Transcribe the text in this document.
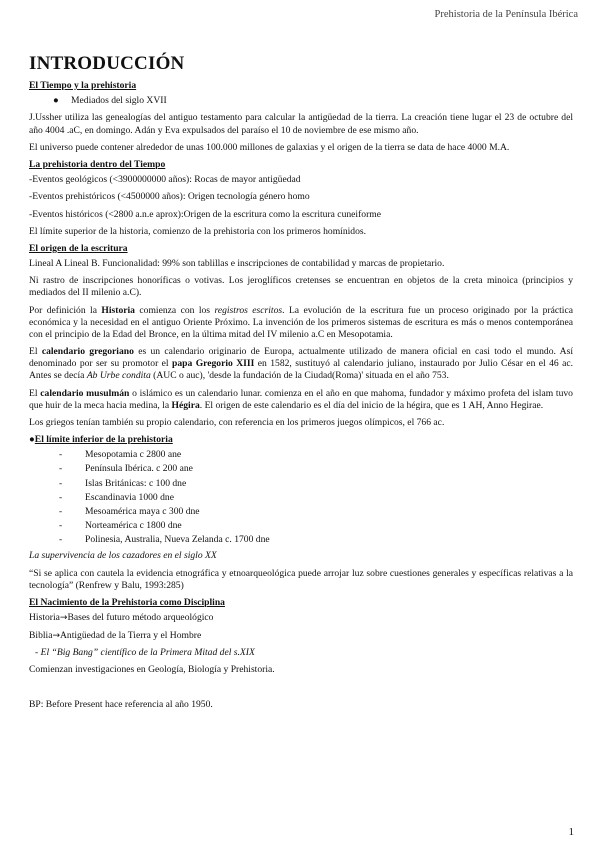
Prehistoria de la Península Ibérica
INTRODUCCIÓN
El Tiempo y la prehistoria
● Mediados del siglo XVII

J.Ussher utiliza las genealogías del antiguo testamento para calcular la antigüedad de la tierra. La creación tiene lugar el 23 de octubre del año 4004 .aC, en domingo. Adán y Eva expulsados del paraíso el 10 de noviembre de ese mismo año.

El universo puede contener alrededor de unas 100.000 millones de galaxias y el origen de la tierra se data de hace 4000 M.A.

La prehistoria dentro del Tiempo

-Eventos geológicos (<3900000000 años): Rocas de mayor antigüedad

-Eventos prehistóricos (<4500000 años): Origen tecnología género homo

-Eventos históricos (<2800 a.n.e aprox):Origen de la escritura como la escritura cuneiforme

El límite superior de la historia, comienzo de la prehistoria con los primeros homínidos.

El origen de la escritura

Lineal A Lineal B. Funcionalidad: 99% son tablillas e inscripciones de contabilidad y marcas de propietario.

Ni rastro de inscripciones honoríficas o votivas. Los jeroglíficos cretenses se encuentran en objetos de la creta minoica (principios y mediados del II milenio a.C).

Por definición la Historia comienza con los registros escritos. La evolución de la escritura fue un proceso originado por la práctica económica y la necesidad en el antiguo Oriente Próximo. La invención de los primeros sistemas de escritura es más o menos contemporánea con el principio de la Edad del Bronce, en la última mitad del IV milenio a.C en Mesopotamia.

El calendario gregoriano es un calendario originario de Europa, actualmente utilizado de manera oficial en casi todo el mundo. Así denominado por ser su promotor el papa Gregorio XIII en 1582, sustituyó al calendario juliano, instaurado por Julio César en el 46 ac. Antes se decía Ab Urbe condita (AUC o auc), 'desde la fundación de la Ciudad(Roma)' situada en el año 753.

El calendario musulmán o islámico es un calendario lunar. comienza en el año en que mahoma, fundador y máximo profeta del islam tuvo que huir de la meca hacia medina, la Hégira. El origen de este calendario es el día del inicio de la hégira, que es 1 AH, Anno Hegirae.

Los griegos tenían también su propio calendario, con referencia en los primeros juegos olímpicos, el 766 ac.

●El límite inferior de la prehistoria
- Mesopotamia c 2800 ane
- Península Ibérica. c 200 ane
- Islas Británicas: c 100 dne
- Escandinavia 1000 dne
- Mesoamérica maya c 300 dne
- Norteamérica c 1800 dne
- Polinesia, Australia, Nueva Zelanda c. 1700 dne

La supervivencia de los cazadores en el siglo XX

“Si se aplica con cautela la evidencia etnográfica y etnoarqueológica puede arrojar luz sobre cuestiones generales y específicas relativas a la tecnología” (Renfrew y Balu, 1993:285)

El Nacimiento de la Prehistoria como Disciplina

Historia→Bases del futuro método arqueológico

Biblia→Antigüedad de la Tierra y el Hombre

- El “Big Bang” científico de la Primera Mitad del s.XIX

Comienzan investigaciones en Geología, Biología y Prehistoria.

BP: Before Present hace referencia al año 1950.

1
